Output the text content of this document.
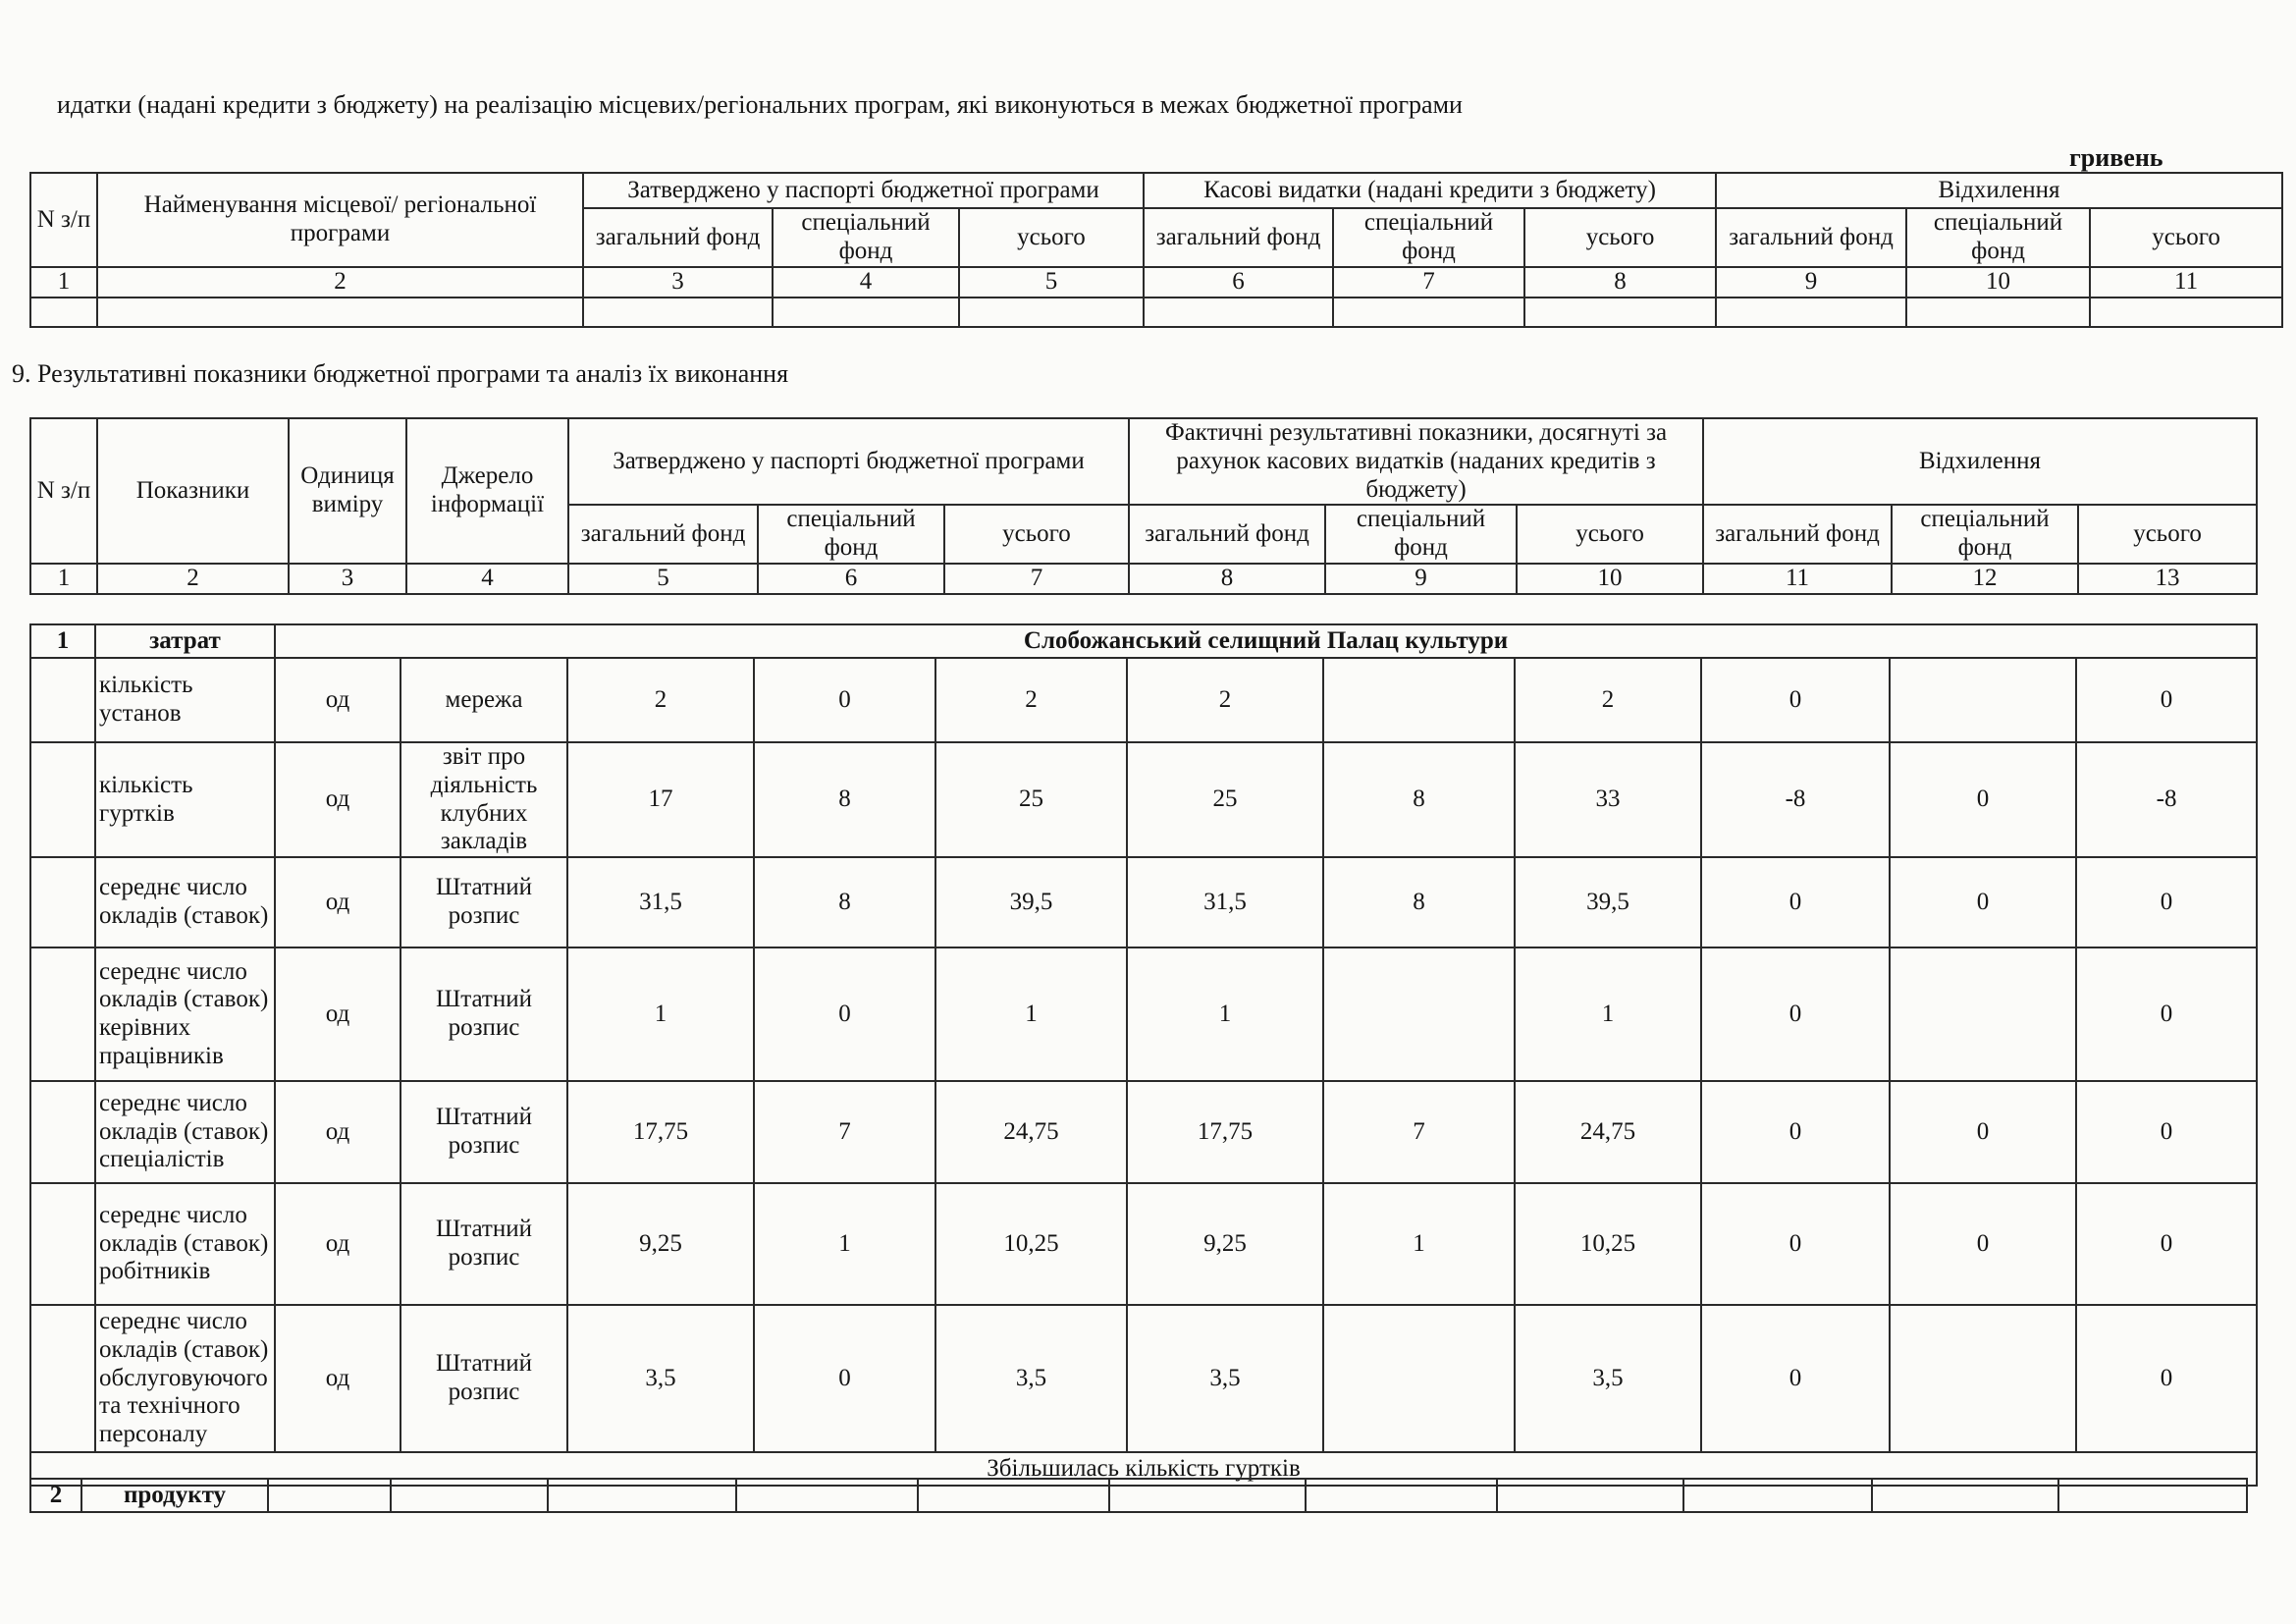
идатки (надані кредити з бюджету) на реалізацію місцевих/регіональних програм, які виконуються в межах бюджетної програми
гривень
N з/п	Найменування місцевої/ регіональної програми	Затверджено у паспорті бюджетної програми			Касові видатки (надані кредити з бюджету)			Відхилення		
		загальний фонд	спеціальний фонд	усього	загальний фонд	спеціальний фонд	усього	загальний фонд	спеціальний фонд	усього
1	2	3	4	5	6	7	8	9	10	11

9. Результативні показники бюджетної програми та аналіз їх виконання
N з/п	Показники	Одиниця виміру	Джерело інформації	Затверджено у паспорті бюджетної програми			Фактичні результативні показники, досягнуті за рахунок касових видатків (наданих кредитів з бюджету)			Відхилення		
				загальний фонд	спеціальний фонд	усього	загальний фонд	спеціальний фонд	усього	загальний фонд	спеціальний фонд	усього
1	2	3	4	5	6	7	8	9	10	11	12	13
1	затрат	Слобожанський селищний Палац культури										
	кількість установ	од	мережа	2	0	2	2		2	0		0
	кількість гуртків	од	звіт про діяльність клубних закладів	17	8	25	25	8	33	-8	0	-8
	середнє число окладів (ставок)	од	Штатний розпис	31,5	8	39,5	31,5	8	39,5	0	0	0
	середнє число окладів (ставок) керівних працівників	од	Штатний розпис	1	0	1	1		1	0		0
	середнє число окладів (ставок) спеціалістів	од	Штатний розпис	17,75	7	24,75	17,75	7	24,75	0	0	0
	середнє число окладів (ставок) робітників	од	Штатний розпис	9,25	1	10,25	9,25	1	10,25	0	0	0
	середнє число окладів (ставок) обслуговуючого та технічного персоналу	од	Штатний розпис	3,5	0	3,5	3,5		3,5	0		0
Збільшилась кількість гуртків												
2	продукту											
